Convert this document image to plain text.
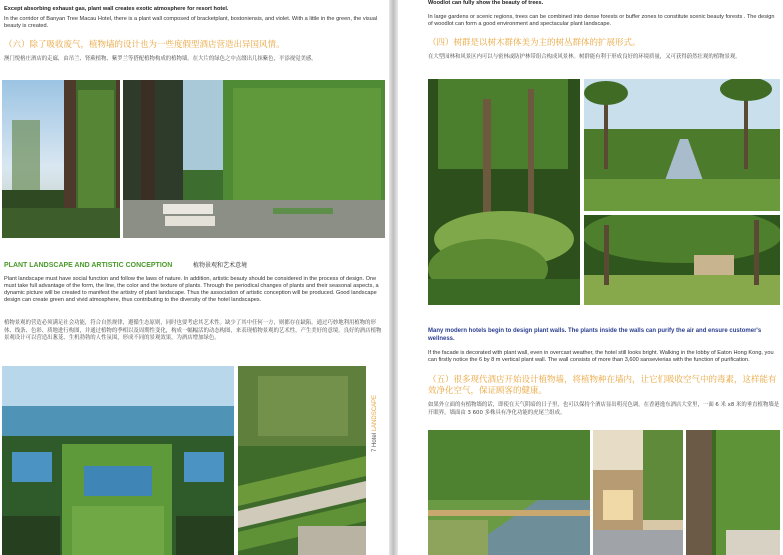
Except absorbing exhaust gas, plant wall creates exotic atmosphere for resort hotel.
In the corridor of Banyan Tree Macau Hotel, there is a plant wall composed of bracketplant, bostoniensis, and violet. With a little in the green, the visual beauty is created.
（六）除了吸收废气，植物墙的设计也为一些度假型酒店营造出异国风情。
澳门悦榕庄酒店的走廊，由吊兰、肾蕨植物、紫罗兰等搭配植物构成的植物墙。在大片的绿色之中点缀出几抹紫色，平添视觉美感。
PLANT LANDSCAPE AND ARTISTIC CONCEPTION	植物景观和艺术意境
Plant landscape must have social function and follow the laws of nature. In addition, artistic beauty should be considered in the process of design. One must take full advantage of the form, the line, the color and the texture of plants. Through the periodical changes of plants and their seasonal aspects, a dynamic picture will be created to manifest the artistry of plant landscape. Thus the association of artistic conception will be produced. Good landscape design can create green and vivid atmosphere, thus contributing to the diversity of the hotel landscapes.
植物景观的营造必须满足社会功能，符合自然规律，遵循生态原则，同时也要考虑其艺术性。缺少了其中任何一方，则都存在缺陷。通过巧妙地利用植物的形体、线条、色彩、质地进行构图，并通过植物的季相以及周期性变化，构成一幅幅活的动态构图，来表现植物景观的艺术性，产生美好的意境。良好的酒店植物景观设计可以营造出葱茏、生机勃勃的人性氛围，形成不同的景观效果，为酒店增加绿色。
7 Hotel LANDSCAPE
Woodlot can fully show the beauty of trees.
In large gardens or scenic regions, trees can be combined into dense forests or buffer zones to constitute scenic beauty forests . The design of woodlot can form a good environment and spectacular plant landscape.
（四）树群是以树木群体美为主的树丛群体的扩展形式。
在大型园林和风景区内可以与密林或防护林带组合构成风景林。树群能有利于形成良好的环境质量，又可获得蔚然壮观的植物景观。
Many modern hotels begin to design plant walls. The plants inside the walls can purify the air and ensure customer's wellness.
If the facade is decorated with plant wall, even in overcast weather, the hotel still looks bright. Walking in the lobby of Eaton Hong Kong, you can firstly notice the 6 by 8 m vertical plant wall. The wall consists of more than 3,600 sansevierias with the function of purification.
（五）很多现代酒店开始设计植物墙，将植物种在墙内，让它们吸收空气中的毒素，这样能有效净化空气，保证顾客的健康。
如果外立面的有植物墙的话，即使在天气阴暗的日子里，也可以保持个酒店显出明亮色调。在香港逸东酒店大堂里，一面 6 米 x8 米的垂直植物墙是开眼界，墙面由 3 600 多株具有净化功能的虎尾兰组成。
